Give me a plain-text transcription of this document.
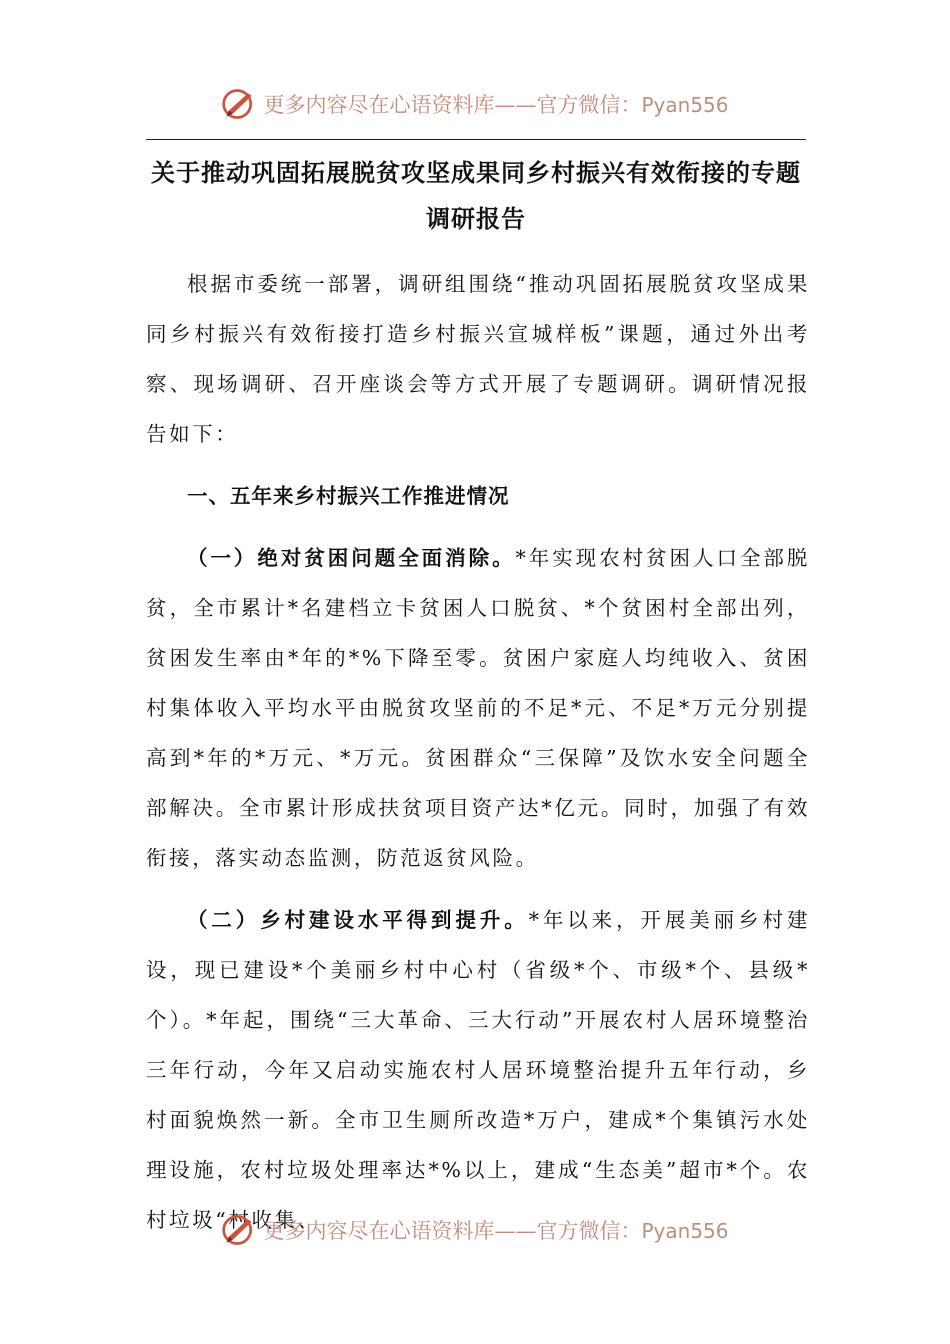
更多内容尽在心语资料库——官方微信：Pyan556
关于推动巩固拓展脱贫攻坚成果同乡村振兴有效衔接的专题调研报告

根据市委统一部署，调研组围绕“推动巩固拓展脱贫攻坚成果同乡村振兴有效衔接打造乡村振兴宣城样板”课题，通过外出考察、现场调研、召开座谈会等方式开展了专题调研。调研情况报告如下：

一、五年来乡村振兴工作推进情况

（一）绝对贫困问题全面消除。*年实现农村贫困人口全部脱贫，全市累计*名建档立卡贫困人口脱贫、*个贫困村全部出列，贫困发生率由*年的*%下降至零。贫困户家庭人均纯收入、贫困村集体收入平均水平由脱贫攻坚前的不足*元、不足*万元分别提高到*年的*万元、*万元。贫困群众“三保障”及饮水安全问题全部解决。全市累计形成扶贫项目资产达*亿元。同时，加强了有效衔接，落实动态监测，防范返贫风险。

（二）乡村建设水平得到提升。*年以来，开展美丽乡村建设，现已建设*个美丽乡村中心村（省级*个、市级*个、县级*个）。*年起，围绕“三大革命、三大行动”开展农村人居环境整治三年行动，今年又启动实施农村人居环境整治提升五年行动，乡村面貌焕然一新。全市卫生厕所改造*万户，建成*个集镇污水处理设施，农村垃圾处理率达*%以上，建成“生态美”超市*个。农村垃圾“村收集、

更多内容尽在心语资料库——官方微信：Pyan556
